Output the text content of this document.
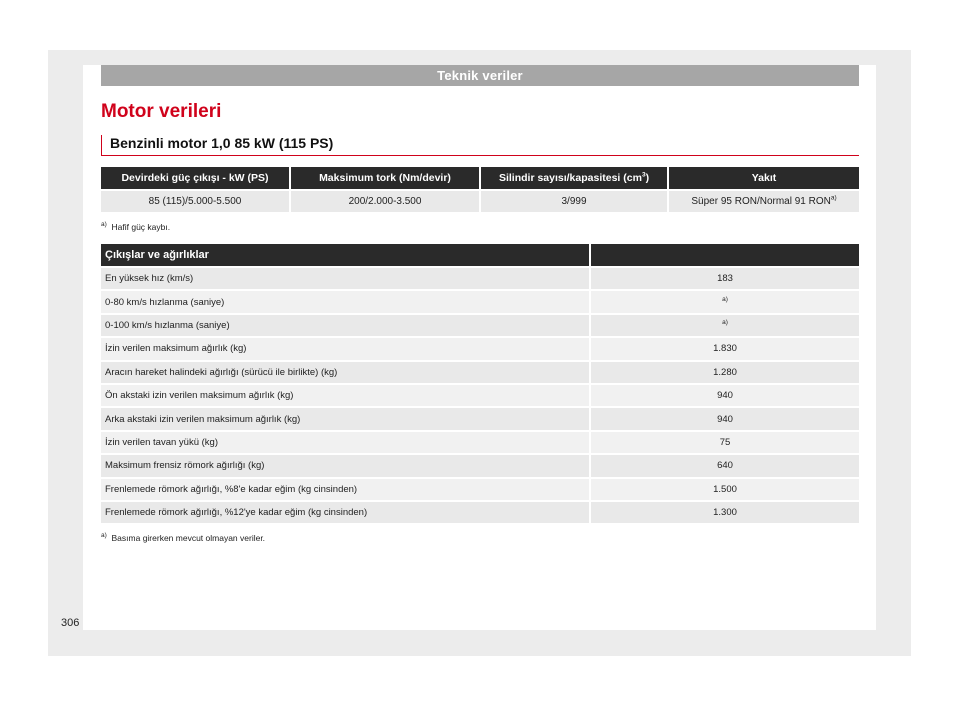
Teknik veriler
Motor verileri
Benzinli motor 1,0 85 kW (115 PS)
Devirdeki güç çıkışı - kW (PS)	Maksimum tork (Nm/devir)	Silindir sayısı/kapasitesi $(cm^3)$	Yakıt
85 (115)/5.000-5.500	200/2.000-3.500	3/999	Süper 95 RON/Normal 91 RON$^{a)}$
$^{a)}$ Hafif güç kaybı.
Çıkışlar ve ağırlıklar	
En yüksek hız (km/s)	183
0-80 km/s hızlanma (saniye)	$^{a)}$
0-100 km/s hızlanma (saniye)	$^{a)}$
İzin verilen maksimum ağırlık (kg)	1.830
Aracın hareket halindeki ağırlığı (sürücü ile birlikte) (kg)	1.280
Ön akstaki izin verilen maksimum ağırlık (kg)	940
Arka akstaki izin verilen maksimum ağırlık (kg)	940
İzin verilen tavan yükü (kg)	75
Maksimum frensiz römork ağırlığı (kg)	640
Frenlemede römork ağırlığı, %8'e kadar eğim (kg cinsinden)	1.500
Frenlemede römork ağırlığı, %12'ye kadar eğim (kg cinsinden)	1.300
$^{a)}$ Basıma girerken mevcut olmayan veriler.
306
